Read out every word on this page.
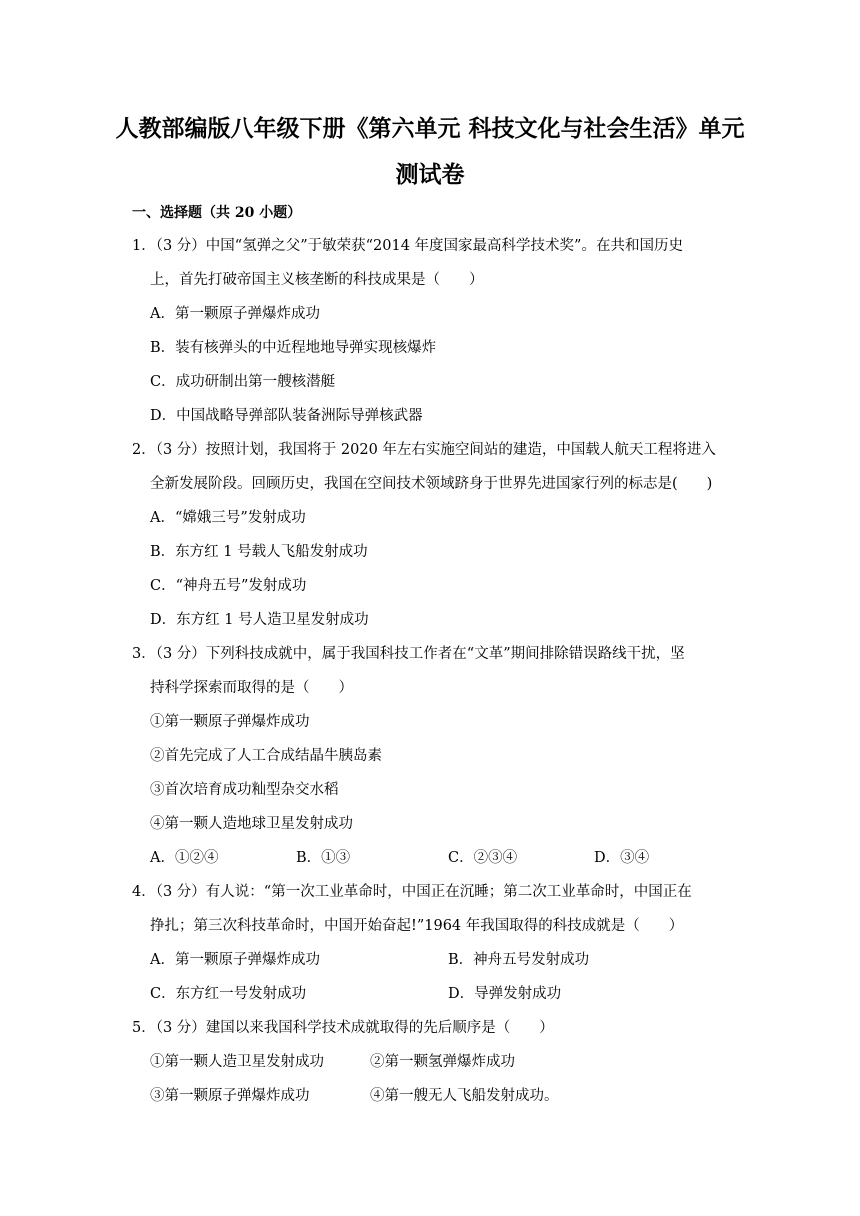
人教部编版八年级下册《第六单元 科技文化与社会生活》单元
测试卷
一、选择题（共 20 小题）
1．（3 分）中国“氢弹之父”于敏荣获“2014 年度国家最高科学技术奖”。在共和国历史
上，首先打破帝国主义核垄断的科技成果是（　　）
A．第一颗原子弹爆炸成功
B．装有核弹头的中近程地地导弹实现核爆炸
C．成功研制出第一艘核潜艇
D．中国战略导弹部队装备洲际导弹核武器
2．（3 分）按照计划，我国将于 2020 年左右实施空间站的建造，中国载人航天工程将进入
全新发展阶段。回顾历史，我国在空间技术领域跻身于世界先进国家行列的标志是(　　)
A．“嫦娥三号”发射成功
B．东方红 1 号载人飞船发射成功
C．“神舟五号”发射成功
D．东方红 1 号人造卫星发射成功
3．（3 分）下列科技成就中，属于我国科技工作者在“文革”期间排除错误路线干扰，坚
持科学探索而取得的是（　　）
①第一颗原子弹爆炸成功
②首先完成了人工合成结晶牛胰岛素
③首次培育成功籼型杂交水稻
④第一颗人造地球卫星发射成功
A．①②④	B．①③	C．②③④	D．③④
4．（3 分）有人说：“第一次工业革命时，中国正在沉睡；第二次工业革命时，中国正在
挣扎；第三次科技革命时，中国开始奋起!”1964 年我国取得的科技成就是（　　）
A．第一颗原子弹爆炸成功	B．神舟五号发射成功
C．东方红一号发射成功	D．导弹发射成功
5．（3 分）建国以来我国科学技术成就取得的先后顺序是（　　）
①第一颗人造卫星发射成功	②第一颗氢弹爆炸成功
③第一颗原子弹爆炸成功	④第一艘无人飞船发射成功。
